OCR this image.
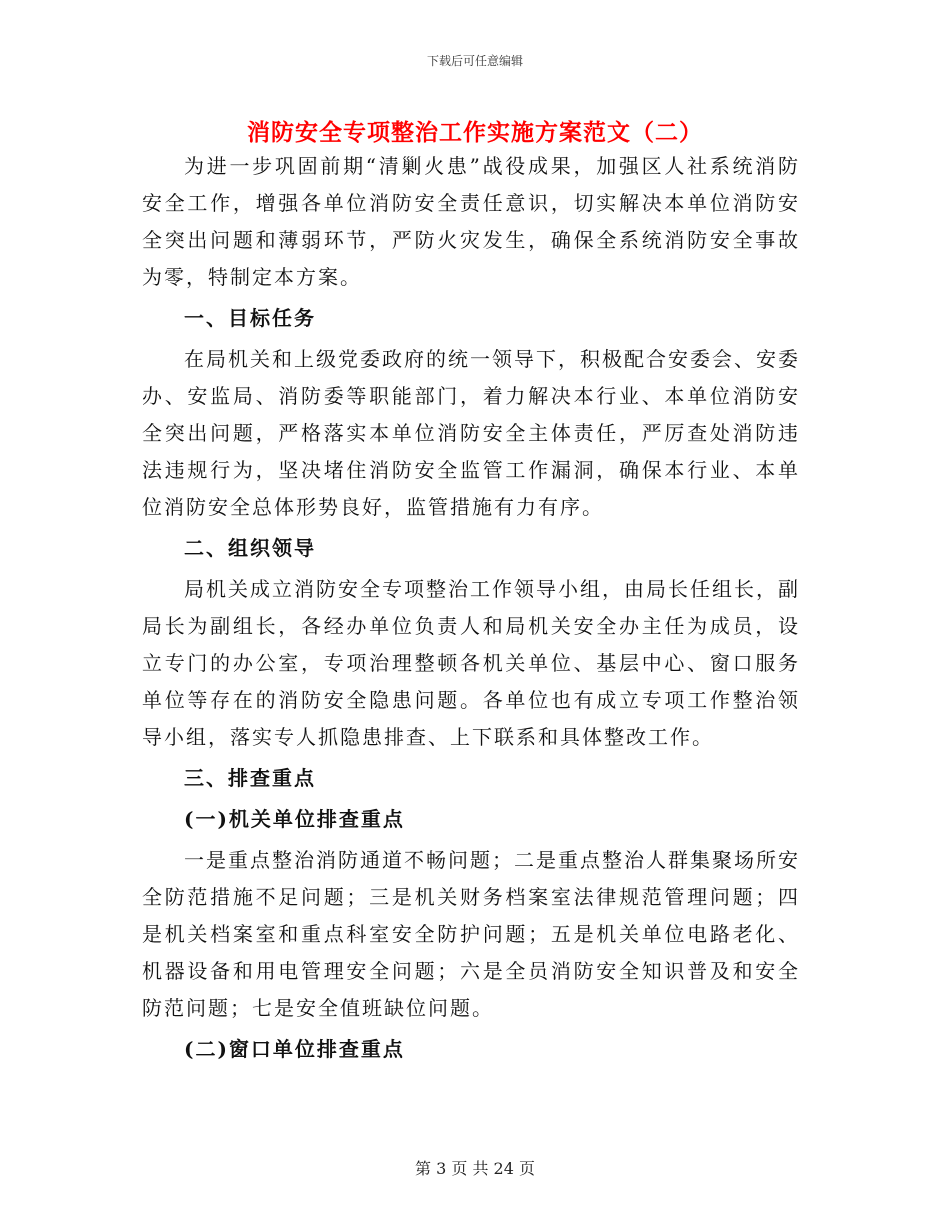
下载后可任意编辑
消防安全专项整治工作实施方案范文（二）

为进一步巩固前期“清剿火患”战役成果，加强区人社系统消防安全工作，增强各单位消防安全责任意识，切实解决本单位消防安全突出问题和薄弱环节，严防火灾发生，确保全系统消防安全事故为零，特制定本方案。

一、目标任务

在局机关和上级党委政府的统一领导下，积极配合安委会、安委办、安监局、消防委等职能部门，着力解决本行业、本单位消防安全突出问题，严格落实本单位消防安全主体责任，严厉查处消防违法违规行为，坚决堵住消防安全监管工作漏洞，确保本行业、本单位消防安全总体形势良好，监管措施有力有序。

二、组织领导

局机关成立消防安全专项整治工作领导小组，由局长任组长，副局长为副组长，各经办单位负责人和局机关安全办主任为成员，设立专门的办公室，专项治理整顿各机关单位、基层中心、窗口服务单位等存在的消防安全隐患问题。各单位也有成立专项工作整治领导小组，落实专人抓隐患排查、上下联系和具体整改工作。

三、排查重点

(一)机关单位排查重点

一是重点整治消防通道不畅问题；二是重点整治人群集聚场所安全防范措施不足问题；三是机关财务档案室法律规范管理问题；四是机关档案室和重点科室安全防护问题；五是机关单位电路老化、机器设备和用电管理安全问题；六是全员消防安全知识普及和安全防范问题；七是安全值班缺位问题。

(二)窗口单位排查重点

第 3 页 共 24 页
